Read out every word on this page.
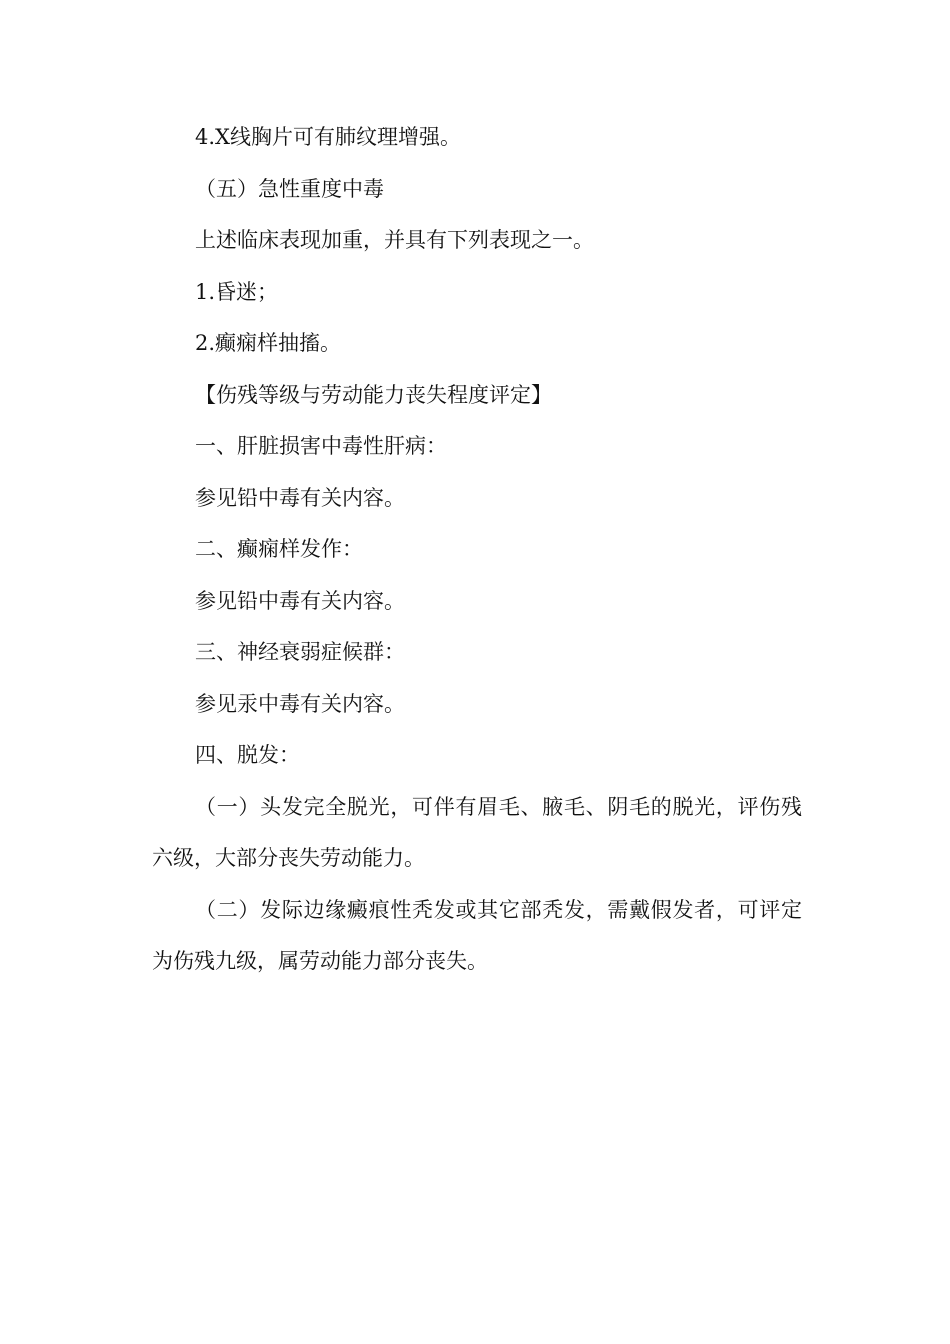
4.X线胸片可有肺纹理增强。

（五）急性重度中毒

上述临床表现加重，并具有下列表现之一。

1.昏迷；

2.癫痫样抽搐。

【伤残等级与劳动能力丧失程度评定】

一、肝脏损害中毒性肝病：

参见铅中毒有关内容。

二、癫痫样发作：

参见铅中毒有关内容。

三、神经衰弱症候群：

参见汞中毒有关内容。

四、脱发：

（一）头发完全脱光，可伴有眉毛、腋毛、阴毛的脱光，评伤残六级，大部分丧失劳动能力。

（二）发际边缘癜痕性秃发或其它部秃发，需戴假发者，可评定为伤残九级，属劳动能力部分丧失。
